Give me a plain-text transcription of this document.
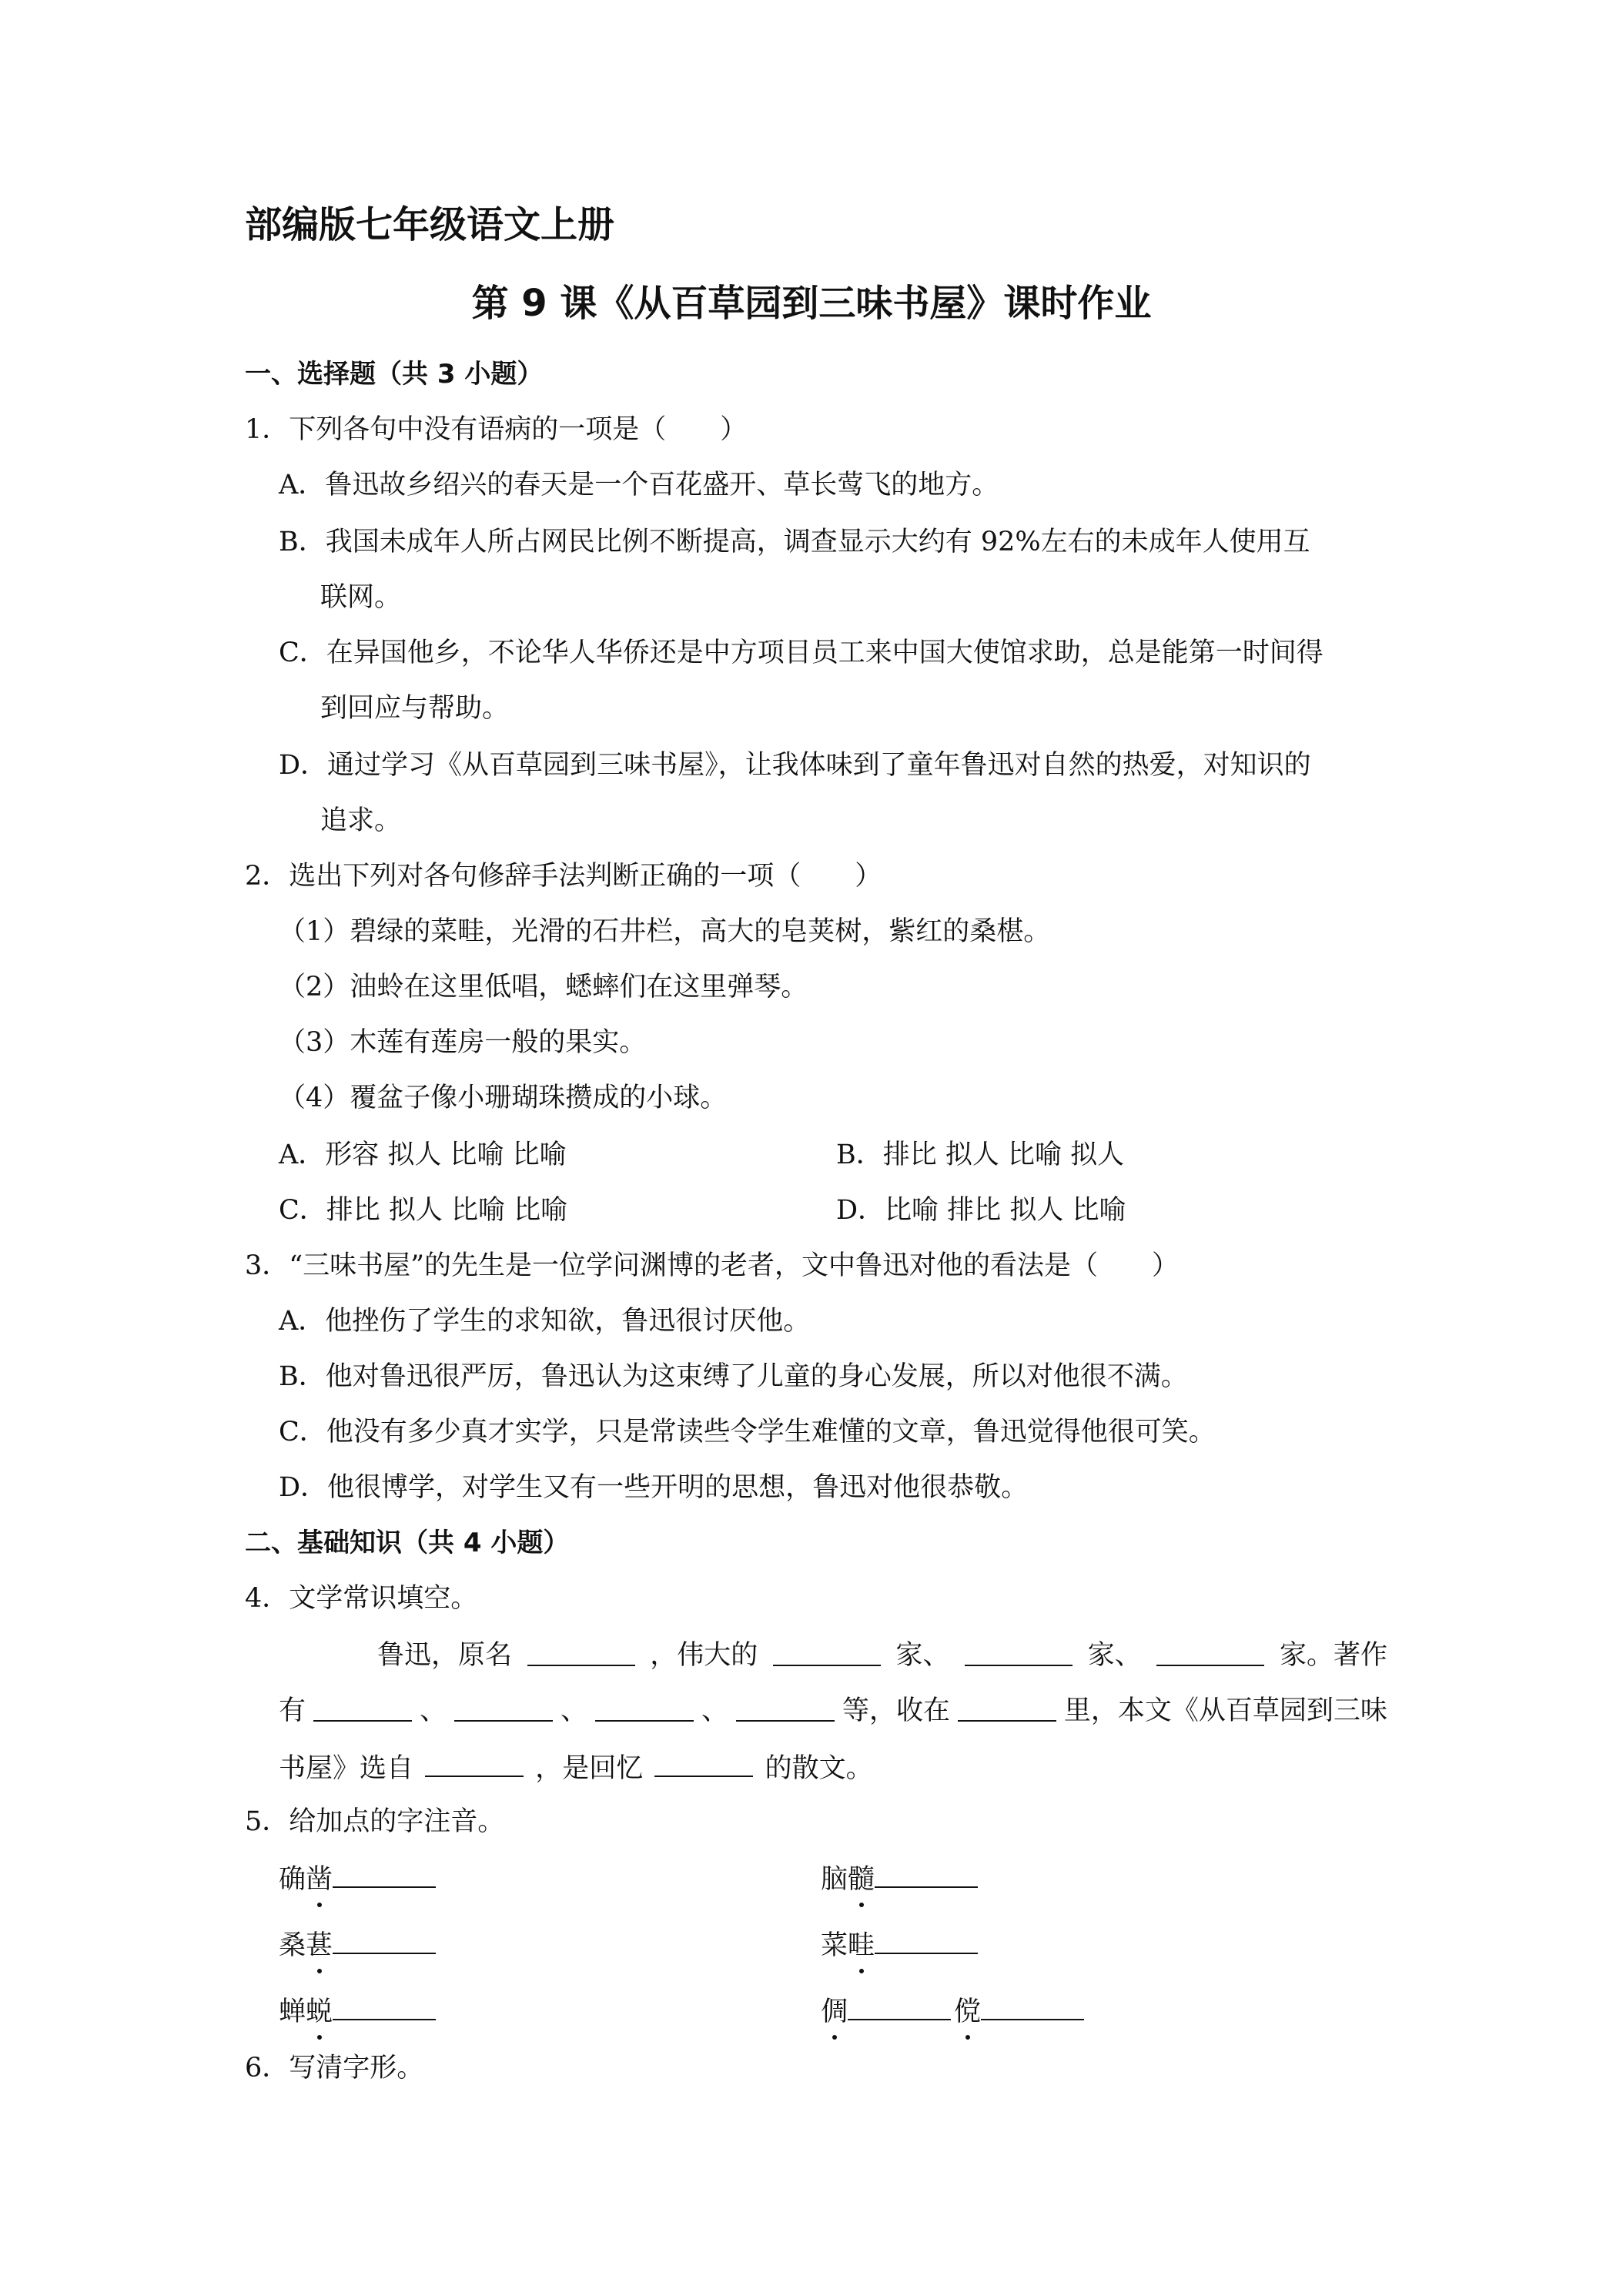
部编版七年级语文上册
第 9 课《从百草园到三味书屋》课时作业
一、选择题（共 3 小题）
1．下列各句中没有语病的一项是（　　）
A．鲁迅故乡绍兴的春天是一个百花盛开、草长莺飞的地方。
B．我国未成年人所占网民比例不断提高，调查显示大约有 92%左右的未成年人使用互
联网。
C．在异国他乡，不论华人华侨还是中方项目员工来中国大使馆求助，总是能第一时间得
到回应与帮助。
D．通过学习《从百草园到三味书屋》，让我体味到了童年鲁迅对自然的热爱，对知识的
追求。
2．选出下列对各句修辞手法判断正确的一项（　　）
（1）碧绿的菜畦，光滑的石井栏，高大的皂荚树，紫红的桑椹。
（2）油蛉在这里低唱，蟋蟀们在这里弹琴。
（3）木莲有莲房一般的果实。
（4）覆盆子像小珊瑚珠攒成的小球。
A．形容 拟人 比喻 比喻	B．排比 拟人 比喻 拟人
C．排比 拟人 比喻 比喻	D．比喻 排比 拟人 比喻
3．“三味书屋”的先生是一位学问渊博的老者，文中鲁迅对他的看法是（　　）
A．他挫伤了学生的求知欲，鲁迅很讨厌他。
B．他对鲁迅很严厉，鲁迅认为这束缚了儿童的身心发展，所以对他很不满。
C．他没有多少真才实学，只是常读些令学生难懂的文章，鲁迅觉得他很可笑。
D．他很博学，对学生又有一些开明的思想，鲁迅对他很恭敬。
二、基础知识（共 4 小题）
4．文学常识填空。
鲁迅，原名	，伟大的	家、	家、	家。著作
有	、	、	、	等，收在	里，本文《从百草园到三味
书屋》选自	，是回忆	的散文。
5．给加点的字注音。
确凿	脑髓
桑葚	菜畦
蝉蜕	倜	傥
6．写清字形。
